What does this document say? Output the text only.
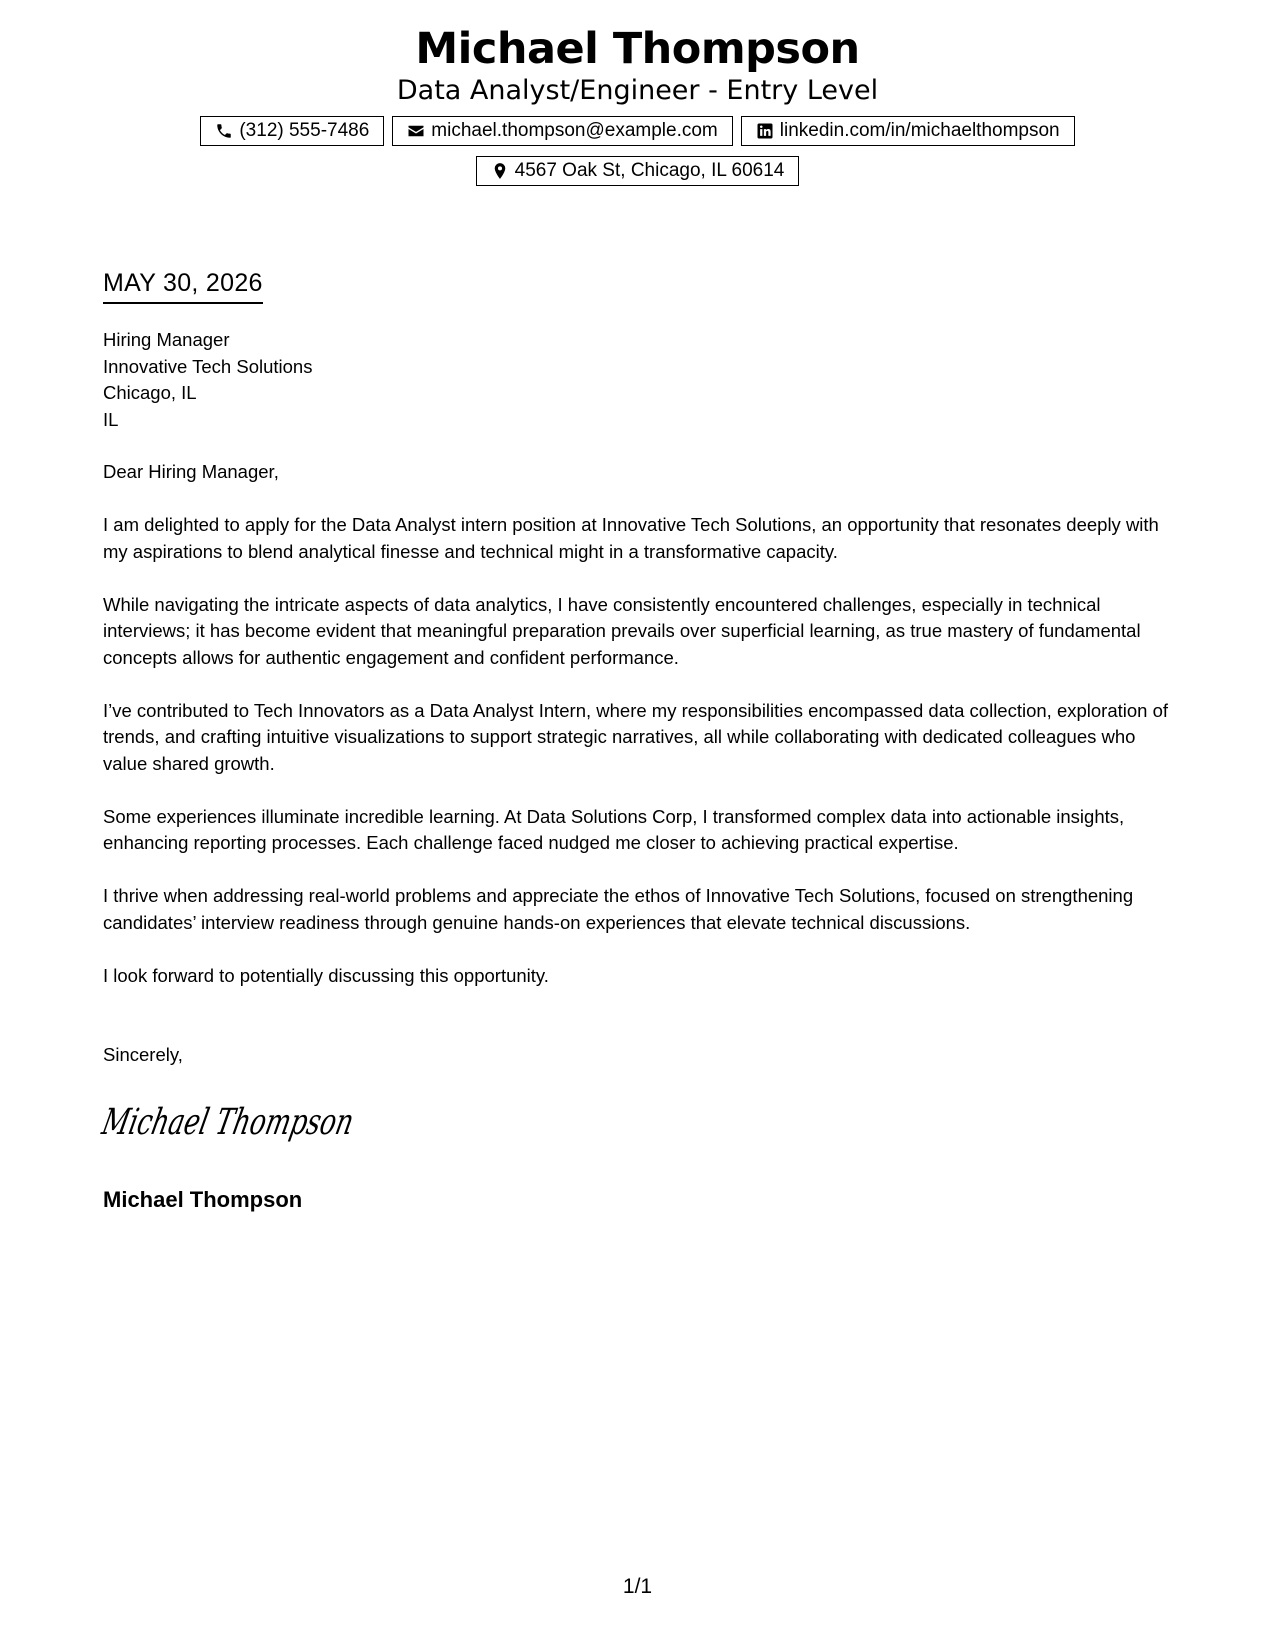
Michael Thompson
Data Analyst/Engineer - Entry Level
(312) 555-7486	michael.thompson@example.com	linkedin.com/in/michaelthompson
4567 Oak St, Chicago, IL 60614
MAY 30, 2026
Hiring Manager
Innovative Tech Solutions
Chicago, IL
IL

Dear Hiring Manager,

I am delighted to apply for the Data Analyst intern position at Innovative Tech Solutions, an opportunity that resonates deeply with my aspirations to blend analytical finesse and technical might in a transformative capacity.

While navigating the intricate aspects of data analytics, I have consistently encountered challenges, especially in technical interviews; it has become evident that meaningful preparation prevails over superficial learning, as true mastery of fundamental concepts allows for authentic engagement and confident performance.

I’ve contributed to Tech Innovators as a Data Analyst Intern, where my responsibilities encompassed data collection, exploration of trends, and crafting intuitive visualizations to support strategic narratives, all while collaborating with dedicated colleagues who value shared growth.

Some experiences illuminate incredible learning. At Data Solutions Corp, I transformed complex data into actionable insights, enhancing reporting processes. Each challenge faced nudged me closer to achieving practical expertise.

I thrive when addressing real-world problems and appreciate the ethos of Innovative Tech Solutions, focused on strengthening candidates’ interview readiness through genuine hands-on experiences that elevate technical discussions.

I look forward to potentially discussing this opportunity.

Sincerely,
Michael Thompson
Michael Thompson
1/1
